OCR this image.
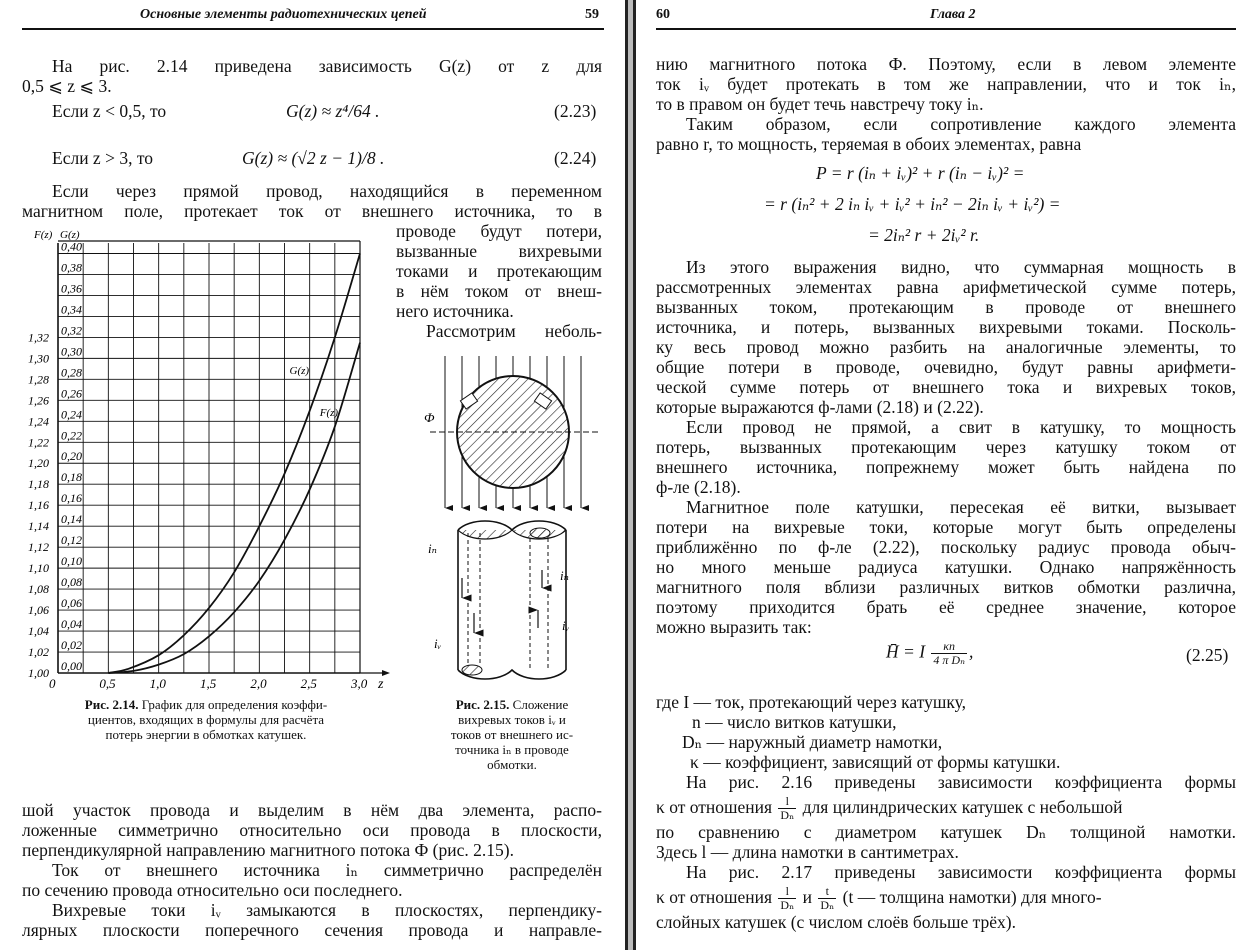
Основные элементы радиотехнических цепей	59
На рис. 2.14 приведена зависимость G(z) от z для
0,5 ⩽ z ⩽ 3.
Если z < 0,5, то	G(z) ≈ z⁴/64 .	(2.23)
Если z > 3, то	G(z) ≈ (√2 z − 1)/8 .	(2.24)
Если через прямой провод, находящийся в переменном
магнитном поле, протекает ток от внешнего источника, то в
проводе будут потери,
вызванные вихревыми
токами и протекающим
в нём током от внеш-
него источника.
Рассмотрим неболь-
0,00
0,02
0,04
0,06
0,08
0,10
0,12
0,14
0,16
0,18
0,20
0,22
0,24
0,26
0,28
0,30
0,32
0,34
0,36
0,38
0,40
1,00
1,02
1,04
1,06
1,08
1,10
1,12
1,14
1,16
1,18
1,20
1,22
1,24
1,26
1,28
1,30
1,32
0	0,5	1,0	1,5	2,0	2,5	3,0 z
F(z) G(z)
G(z)
F(z)
Рис. 2.14. График для определения коэффи-
циентов, входящих в формулы для расчёта
потерь энергии в обмотках катушек.
Ф
iₙ
iᵥ
iₙ
iᵥ
Рис. 2.15. Сложение
вихревых токов iᵥ и
токов от внешнего ис-
точника iₙ в проводе
обмотки.
шой участок провода и выделим в нём два элемента, распо-
ложенные симметрично относительно оси провода в плоскости,
перпендикулярной направлению магнитного потока Ф (рис. 2.15).
Ток от внешнего источника iₙ симметрично распределён
по сечению провода относительно оси последнего.
Вихревые токи iᵥ замыкаются в плоскостях, перпендику-
лярных плоскости поперечного сечения провода и направле-
60	Глава 2
нию магнитного потока Ф. Поэтому, если в левом элементе
ток iᵥ будет протекать в том же направлении, что и ток iₙ,
то в правом он будет течь навстречу току iₙ.
Таким образом, если сопротивление каждого элемента
равно r, то мощность, теряемая в обоих элементах, равна
P = r (iₙ + iᵥ)² + r (iₙ − iᵥ)² =
= r (iₙ² + 2 iₙ iᵥ + iᵥ² + iₙ² − 2iₙ iᵥ + iᵥ²) =
= 2iₙ² r + 2iᵥ² r.
Из этого выражения видно, что суммарная мощность в
рассмотренных элементах равна арифметической сумме потерь,
вызванных током, протекающим в проводе от внешнего
источника, и потерь, вызванных вихревыми токами. Посколь-
ку весь провод можно разбить на аналогичные элементы, то
общие потери в проводе, очевидно, будут равны арифмети-
ческой сумме потерь от внешнего тока и вихревых токов,
которые выражаются ф-лами (2.18) и (2.22).
Если провод не прямой, а свит в катушку, то мощность
потерь, вызванных протекающим через катушку током от
внешнего источника, попрежнему может быть найдена по
ф-ле (2.18).
Магнитное поле катушки, пересекая её витки, вызывает
потери на вихревые токи, которые могут быть определены
приближённо по ф-ле (2.22), поскольку радиус провода обыч-
но много меньше радиуса катушки. Однако напряжённость
магнитного поля вблизи различных витков обмотки различна,
поэтому приходится брать её среднее значение, которое
можно выразить так:
H̄ = I $\frac{\kappa n}{\text{4 π Dₙ}}$ ,	(2.25)
где I — ток, протекающий через катушку,
n — число витков катушки,
Dₙ — наружный диаметр намотки,
κ — коэффициент, зависящий от формы катушки.
На рис. 2.16 приведены зависимости коэффициента формы
κ от отношения $\frac{l}{\text{Dₙ}}$ для цилиндрических катушек с небольшой
по сравнению с диаметром катушек Dₙ толщиной намотки.
Здесь l — длина намотки в сантиметрах.
На рис. 2.17 приведены зависимости коэффициента формы
κ от отношения $\frac{l}{\text{Dₙ}}$ и $\frac{t}{\text{Dₙ}} (t$ — толщина намотки) для много-
слойных катушек (с числом слоёв больше трёх).
